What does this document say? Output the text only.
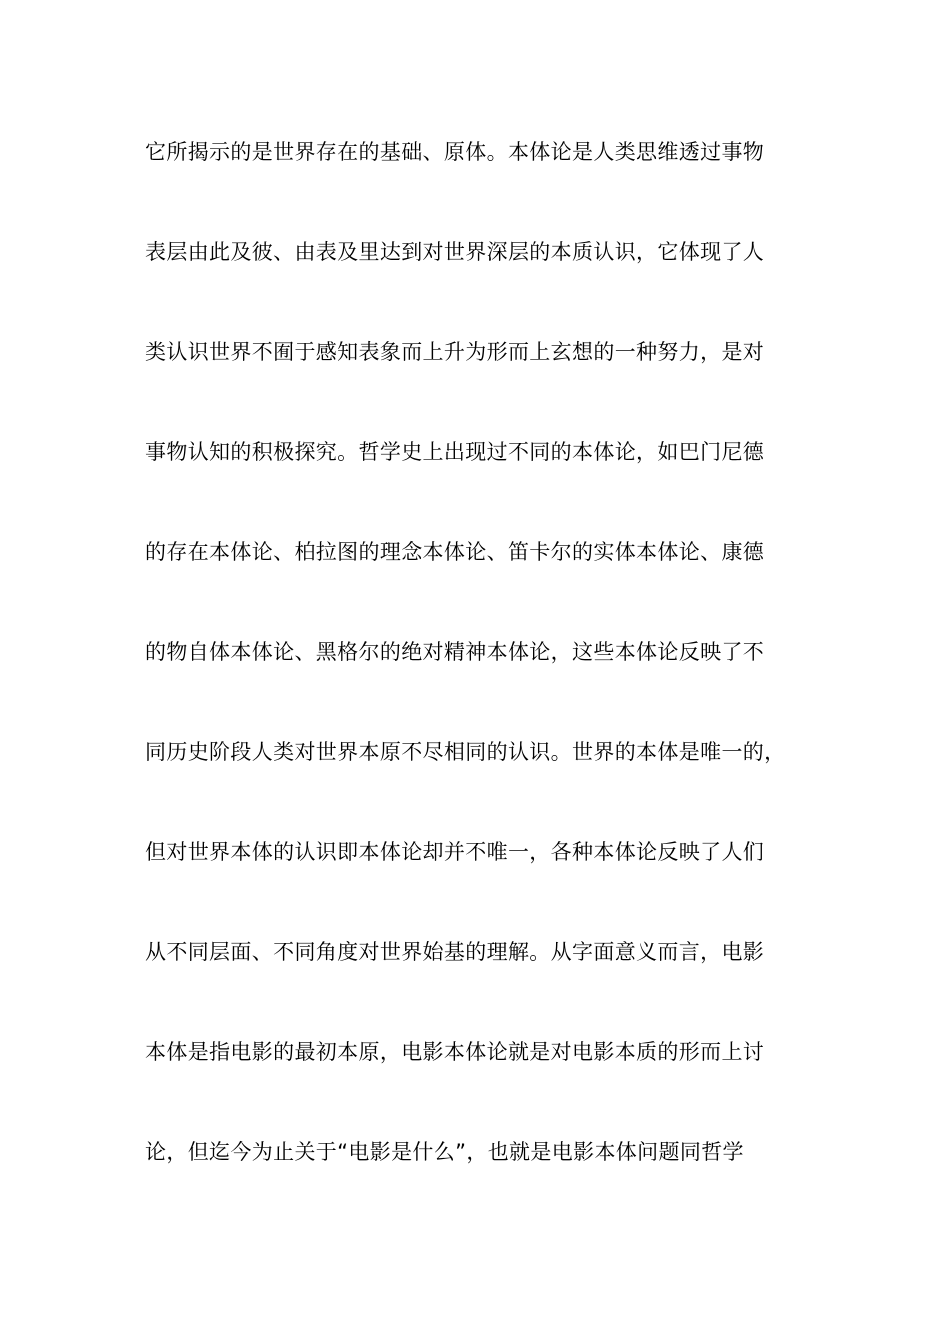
它所揭示的是世界存在的基础、原体。本体论是人类思维透过事物
表层由此及彼、由表及里达到对世界深层的本质认识，它体现了人
类认识世界不囿于感知表象而上升为形而上玄想的一种努力，是对
事物认知的积极探究。哲学史上出现过不同的本体论，如巴门尼德
的存在本体论、柏拉图的理念本体论、笛卡尔的实体本体论、康德
的物自体本体论、黑格尔的绝对精神本体论，这些本体论反映了不
同历史阶段人类对世界本原不尽相同的认识。世界的本体是唯一的，
但对世界本体的认识即本体论却并不唯一，各种本体论反映了人们
从不同层面、不同角度对世界始基的理解。从字面意义而言，电影
本体是指电影的最初本原，电影本体论就是对电影本质的形而上讨
论，但迄今为止关于“电影是什么”，也就是电影本体问题同哲学
